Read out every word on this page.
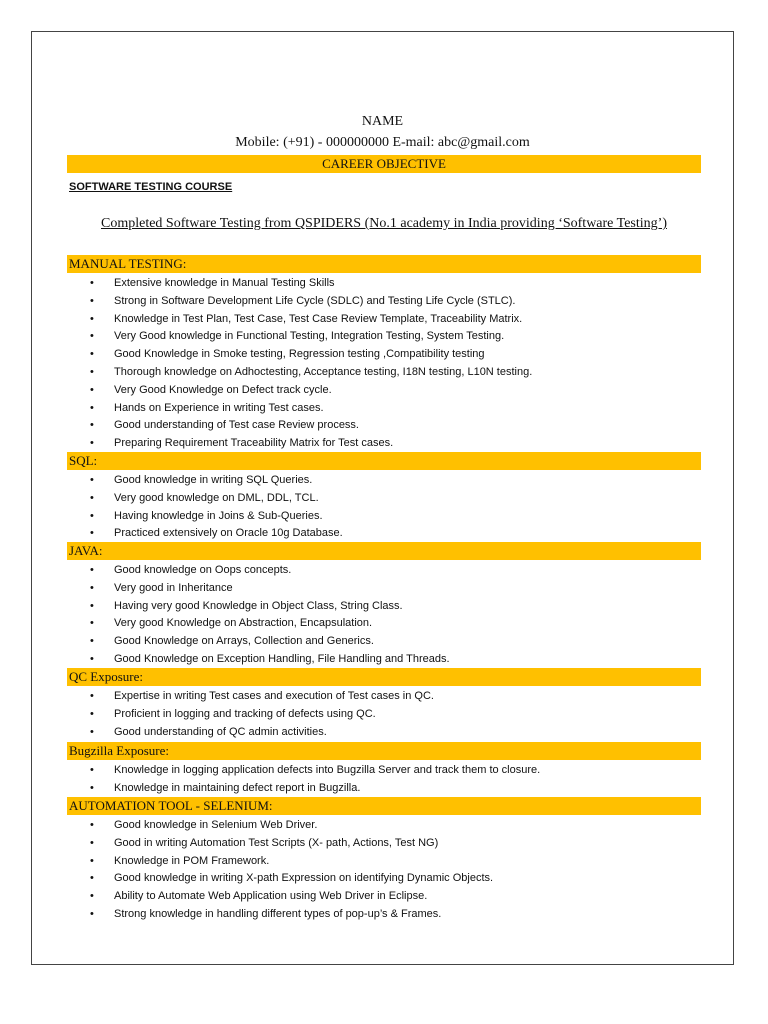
NAME
Mobile: (+91) - 000000000 E-mail: abc@gmail.com
CAREER OBJECTIVE
SOFTWARE TESTING COURSE
Completed Software Testing from QSPIDERS (No.1 academy in India providing ‘Software Testing’)
MANUAL TESTING:
• Extensive knowledge in Manual Testing Skills
• Strong in Software Development Life Cycle (SDLC) and Testing Life Cycle (STLC).
• Knowledge in Test Plan, Test Case, Test Case Review Template, Traceability Matrix.
• Very Good knowledge in Functional Testing, Integration Testing, System Testing.
• Good Knowledge in Smoke testing, Regression testing ,Compatibility testing
• Thorough knowledge on Adhoctesting, Acceptance testing, I18N testing, L10N testing.
• Very Good Knowledge on Defect track cycle.
• Hands on Experience in writing Test cases.
• Good understanding of Test case Review process.
• Preparing Requirement Traceability Matrix for Test cases.
SQL:
• Good knowledge in writing SQL Queries.
• Very good knowledge on DML, DDL, TCL.
• Having knowledge in Joins & Sub-Queries.
• Practiced extensively on Oracle 10g Database.
JAVA:
• Good knowledge on Oops concepts.
• Very good in Inheritance
• Having very good Knowledge in Object Class, String Class.
• Very good Knowledge on Abstraction, Encapsulation.
• Good Knowledge on Arrays, Collection and Generics.
• Good Knowledge on Exception Handling, File Handling and Threads.
QC Exposure:
• Expertise in writing Test cases and execution of Test cases in QC.
• Proficient in logging and tracking of defects using QC.
• Good understanding of QC admin activities.
Bugzilla Exposure:
• Knowledge in logging application defects into Bugzilla Server and track them to closure.
• Knowledge in maintaining defect report in Bugzilla.
AUTOMATION TOOL - SELENIUM:
• Good knowledge in Selenium Web Driver.
• Good in writing Automation Test Scripts (X- path, Actions, Test NG)
• Knowledge in POM Framework.
• Good knowledge in writing X-path Expression on identifying Dynamic Objects.
• Ability to Automate Web Application using Web Driver in Eclipse.
• Strong knowledge in handling different types of pop-up’s & Frames.
